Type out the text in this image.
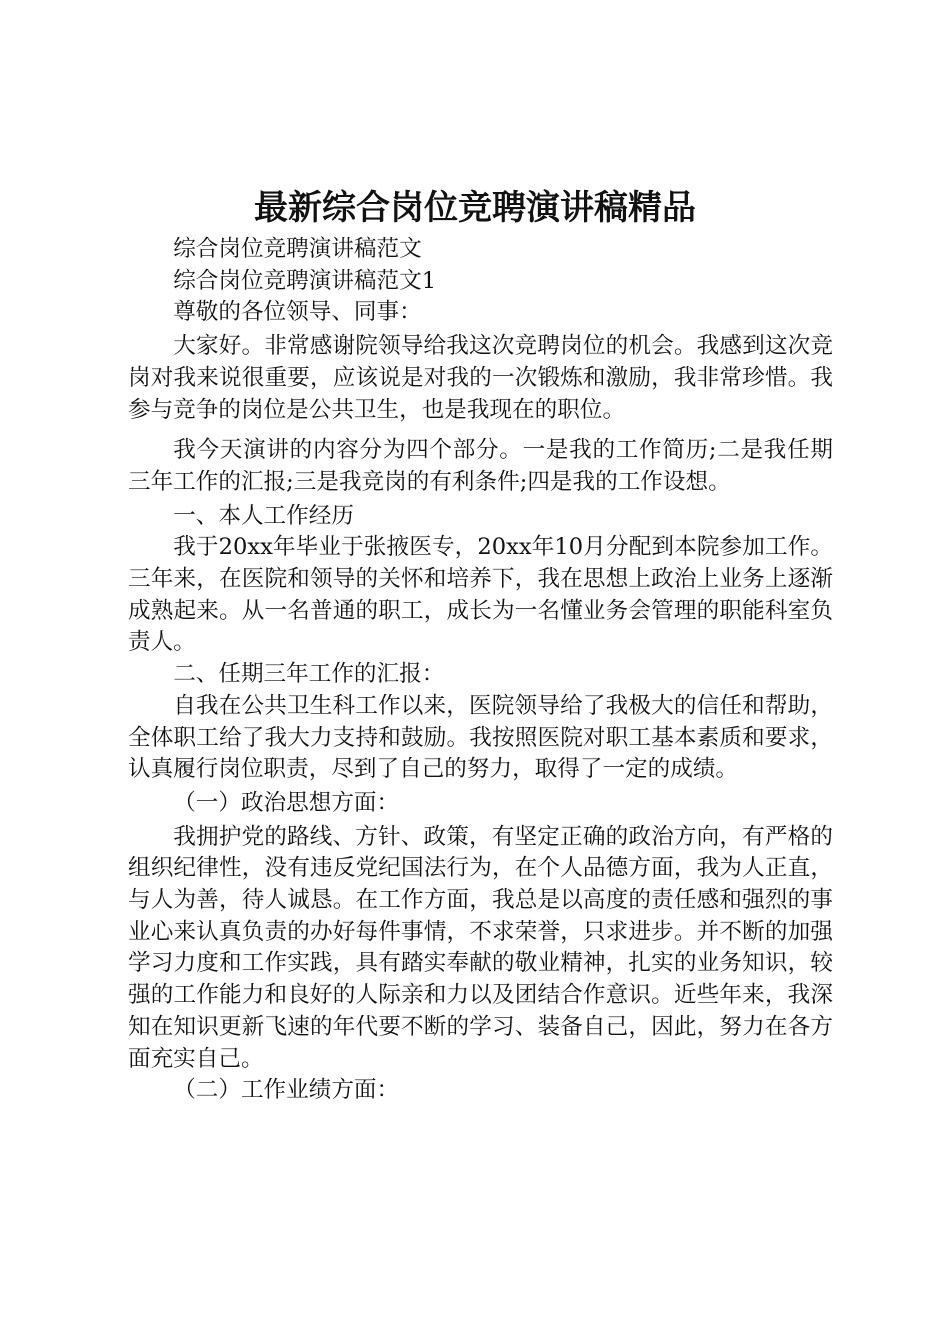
最新综合岗位竞聘演讲稿精品

综合岗位竞聘演讲稿范文

综合岗位竞聘演讲稿范文1

尊敬的各位领导、同事：

大家好。非常感谢院领导给我这次竞聘岗位的机会。我感到这次竞岗对我来说很重要，应该说是对我的一次锻炼和激励，我非常珍惜。我参与竞争的岗位是公共卫生，也是我现在的职位。

我今天演讲的内容分为四个部分。一是我的工作简历;二是我任期三年工作的汇报;三是我竞岗的有利条件;四是我的工作设想。

一、本人工作经历

我于20xx年毕业于张掖医专，20xx年10月分配到本院参加工作。三年来，在医院和领导的关怀和培养下，我在思想上政治上业务上逐渐成熟起来。从一名普通的职工，成长为一名懂业务会管理的职能科室负责人。

二、任期三年工作的汇报：

自我在公共卫生科工作以来，医院领导给了我极大的信任和帮助，全体职工给了我大力支持和鼓励。我按照医院对职工基本素质和要求，认真履行岗位职责，尽到了自己的努力，取得了一定的成绩。

（一）政治思想方面：

我拥护党的路线、方针、政策，有坚定正确的政治方向，有严格的组织纪律性，没有违反党纪国法行为，在个人品德方面，我为人正直，与人为善，待人诚恳。在工作方面，我总是以高度的责任感和强烈的事业心来认真负责的办好每件事情，不求荣誉，只求进步。并不断的加强学习力度和工作实践，具有踏实奉献的敬业精神，扎实的业务知识，较强的工作能力和良好的人际亲和力以及团结合作意识。近些年来，我深知在知识更新飞速的年代要不断的学习、装备自己，因此，努力在各方面充实自己。

（二）工作业绩方面：
